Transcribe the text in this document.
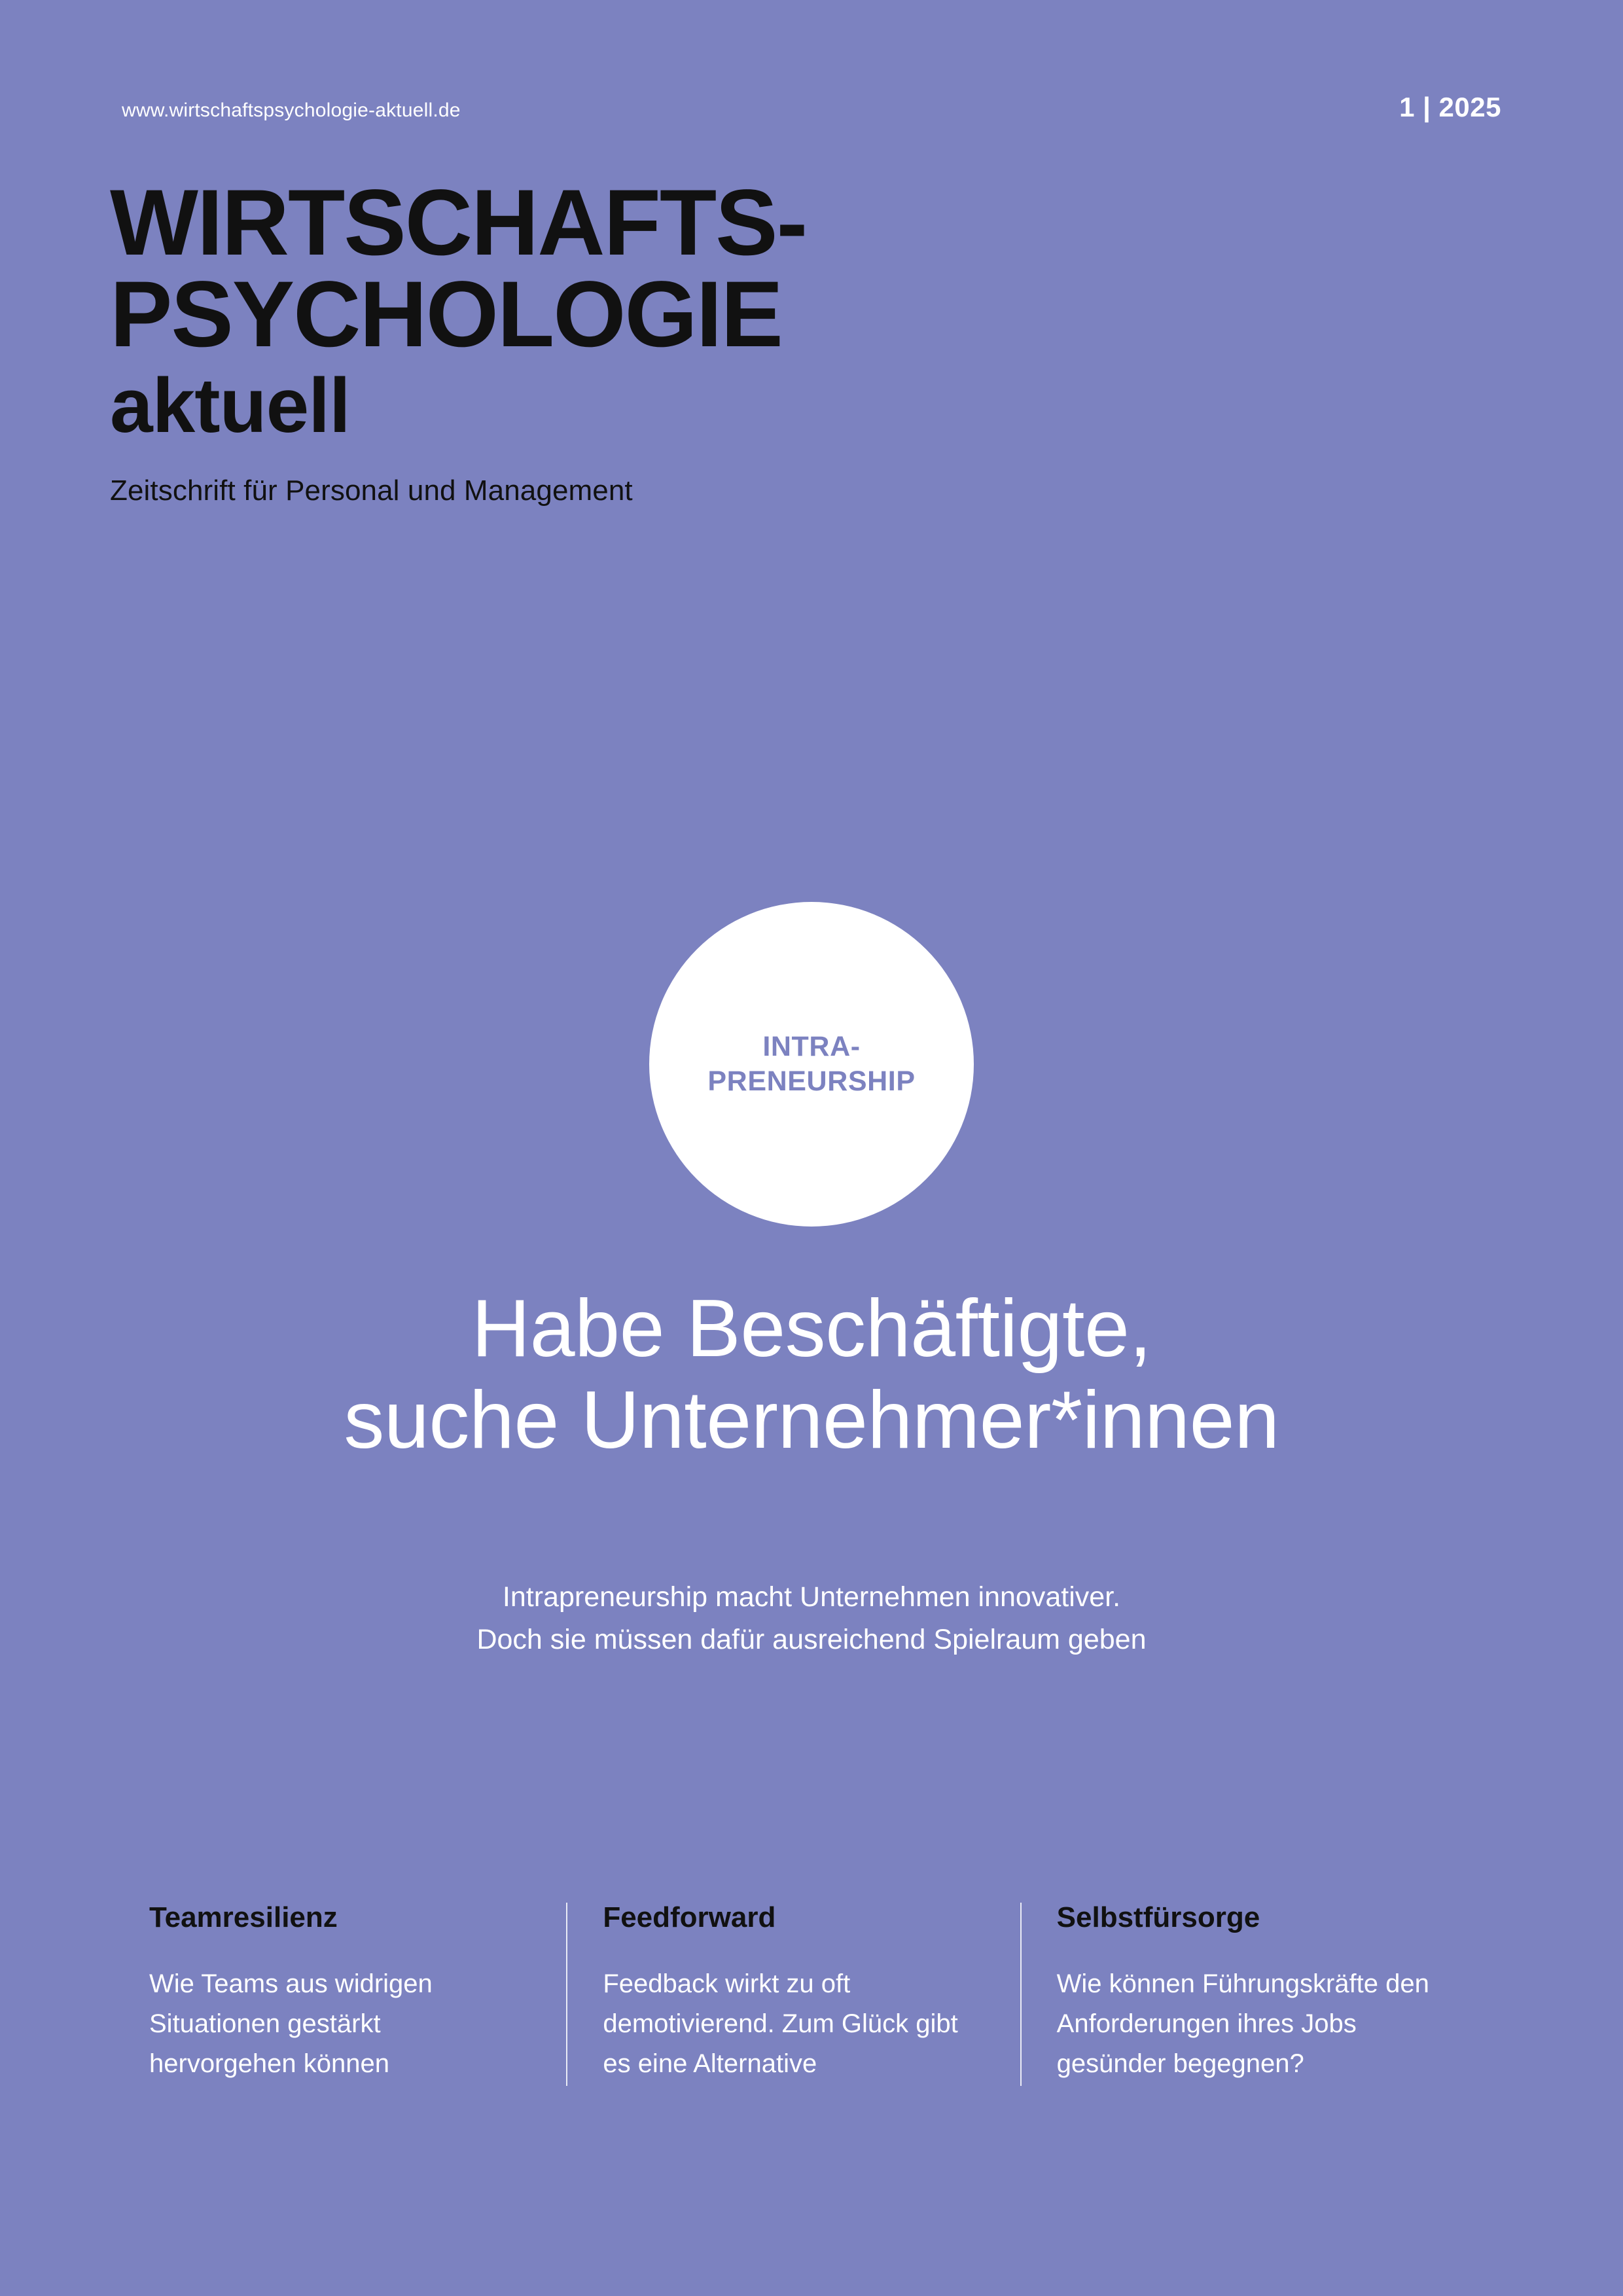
www.wirtschaftspsychologie-aktuell.de	1 | 2025
WIRTSCHAFTS-
PSYCHOLOGIE
aktuell
Zeitschrift für Personal und Management
INTRA-
PRENEURSHIP
Habe Beschäftigte,
suche Unternehmer*innen
Intrapreneurship macht Unternehmen innovativer.
Doch sie müssen dafür ausreichend Spielraum geben
Teamresilienz
Wie Teams aus widrigen Situationen gestärkt hervorgehen können
Feedforward
Feedback wirkt zu oft demotivierend. Zum Glück gibt es eine Alternative
Selbstfürsorge
Wie können Führungskräfte den Anforderungen ihres Jobs gesünder begegnen?
